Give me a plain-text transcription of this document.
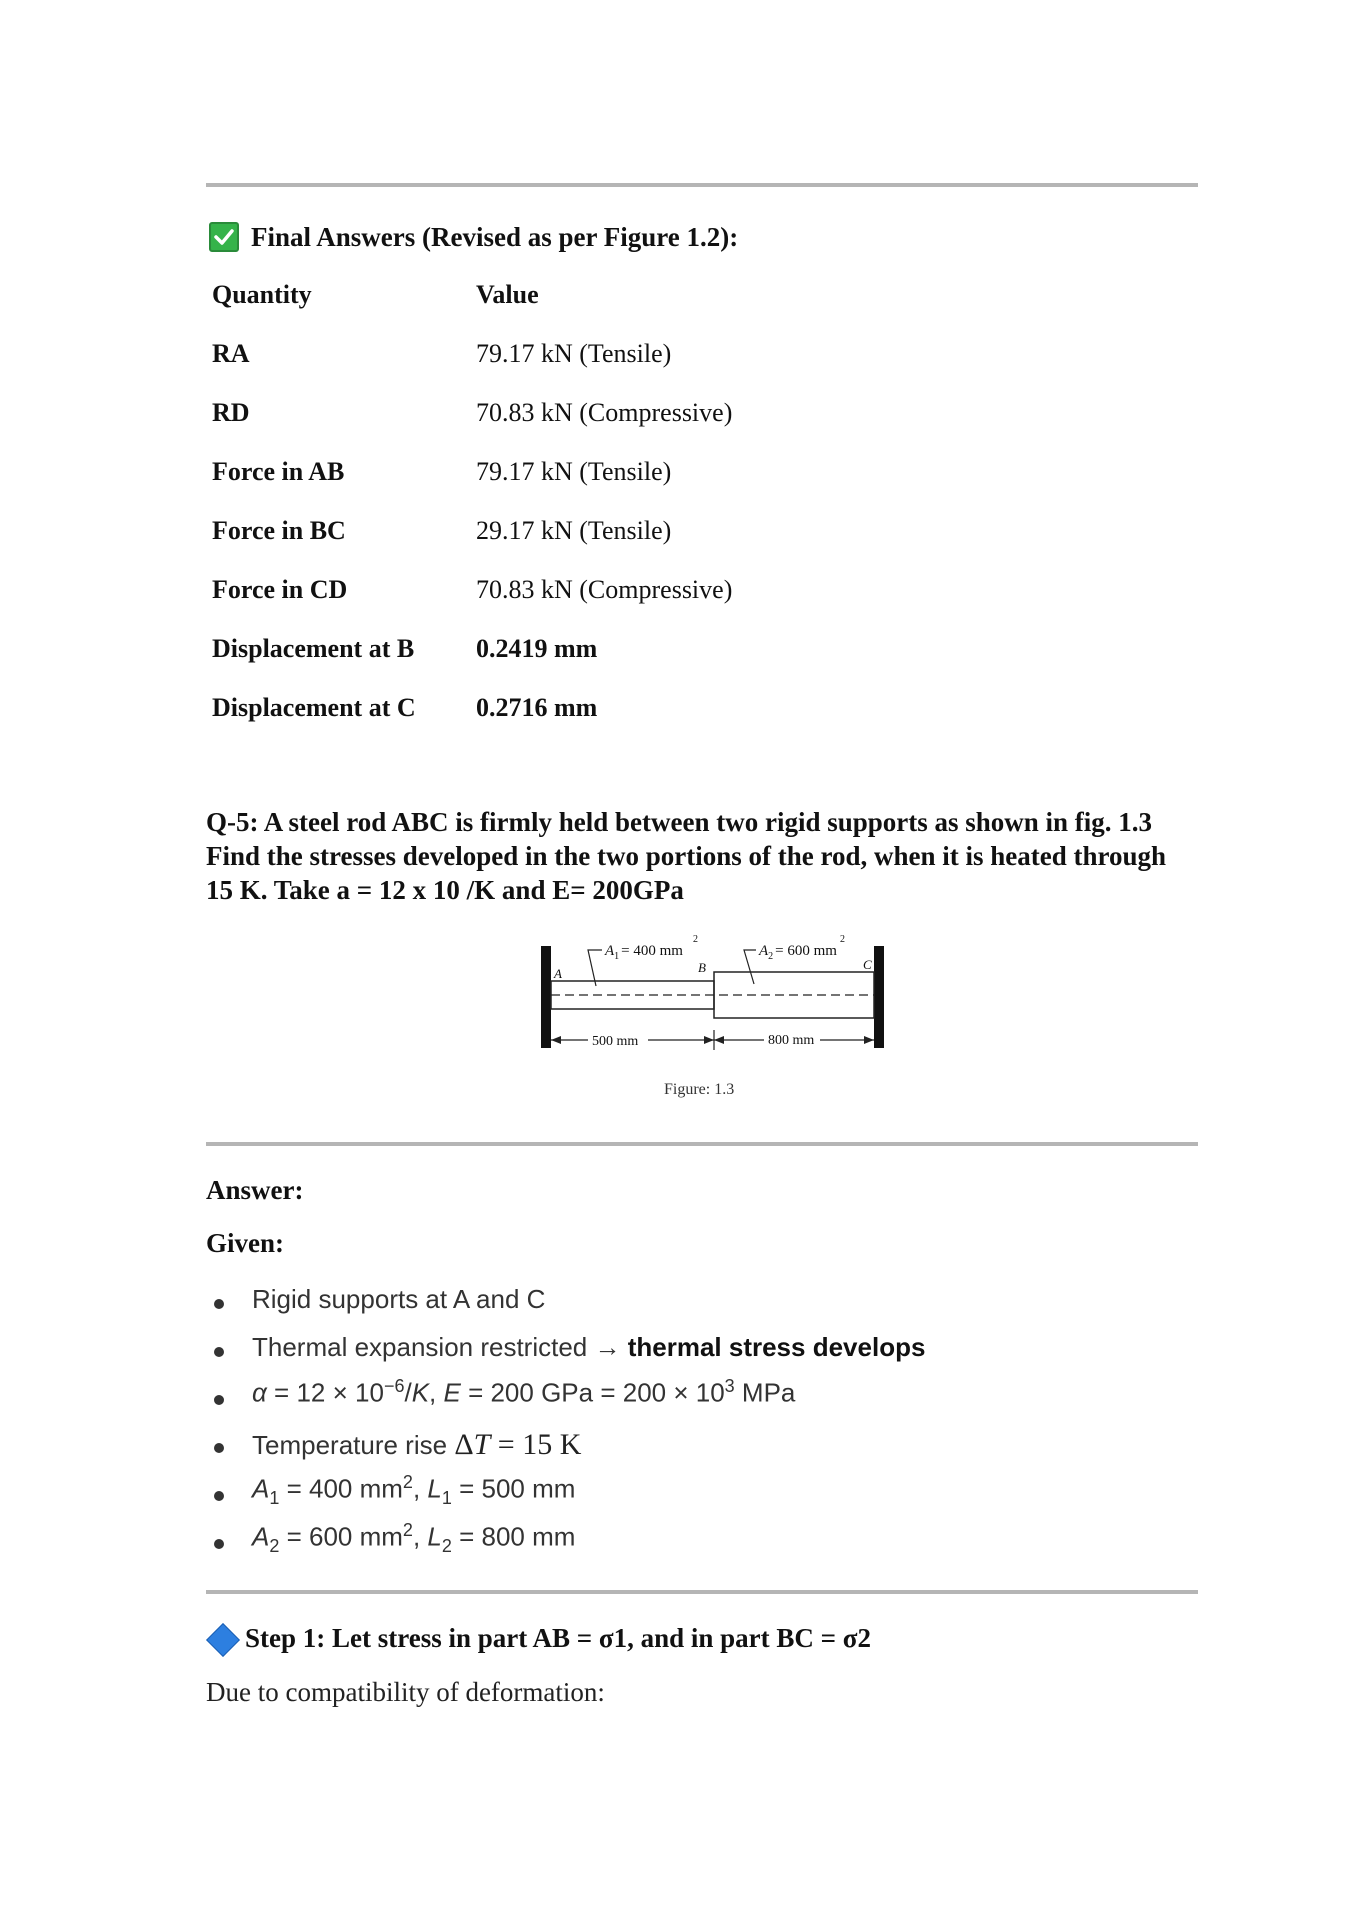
Final Answers (Revised as per Figure 1.2):
Quantity	Value
RA	79.17 kN (Tensile)
RD	70.83 kN (Compressive)
Force in AB	79.17 kN (Tensile)
Force in BC	29.17 kN (Tensile)
Force in CD	70.83 kN (Compressive)
Displacement at B 0.2419 mm
Displacement at C 0.2716 mm
Q-5: A steel rod ABC is firmly held between two rigid supports as shown in fig. 1.3 Find the stresses developed in the two portions of the rod, when it is heated through 15 K. Take a = 12 x 10 /K and E= 200GPa
$A_1 = 400$ mm
2
$A_2 = 600$ mm
2
A	B	C
500 mm	800 mm
Figure: 1.3
Answer:
Given:
Rigid supports at A and C
Thermal expansion restricted → thermal stress develops
$\alpha = 12 \times 10^{-6}/K$, E = 200 GPa = $200 \times 10^3$ MPa
Temperature rise ΔT = 15 K
$A_1 = 400$ $mm^2$, $L_1 = 500$ mm
$A_2 = 600$ $mm^2$, $L_2 = 800$ mm
Step 1: Let stress in part AB = σ1, and in part BC = σ2
Due to compatibility of deformation:
